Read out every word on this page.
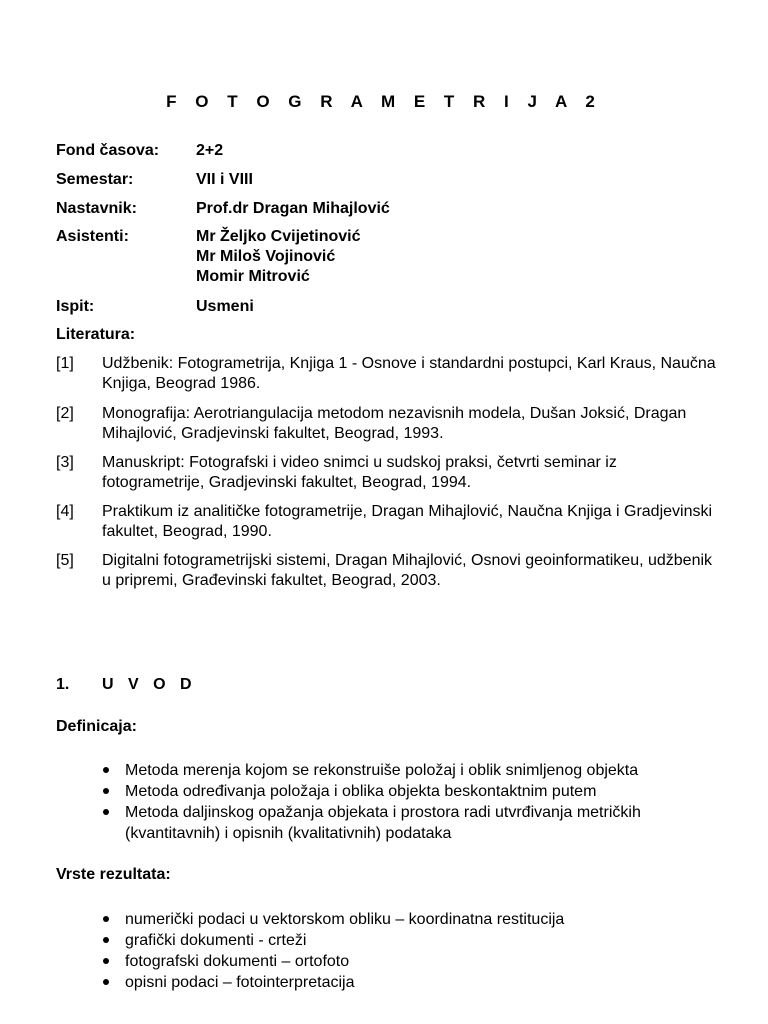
F O T O G R A M E T R I J A 2
Fond časova: 2+2
Semestar:	VII i VIII
Nastavnik:	Prof.dr Dragan Mihajlović
Asistenti:	Mr Željko Cvijetinović
Mr Miloš Vojinović
Momir Mitrović
Ispit:	Usmeni
Literatura:
[1] Udžbenik: Fotogrametrija, Knjiga 1 - Osnove i standardni postupci, Karl Kraus, Naučna Knjiga, Beograd 1986.
[2] Monografija: Aerotriangulacija metodom nezavisnih modela, Dušan Joksić, Dragan Mihajlović, Gradjevinski fakultet, Beograd, 1993.
[3] Manuskript: Fotografski i video snimci u sudskoj praksi, četvrti seminar iz fotogrametrije, Gradjevinski fakultet, Beograd, 1994.
[4] Praktikum iz analitičke fotogrametrije, Dragan Mihajlović, Naučna Knjiga i Gradjevinski fakultet, Beograd, 1990.
[5] Digitalni fotogrametrijski sistemi, Dragan Mihajlović, Osnovi geoinformatikeu, udžbenik u pripremi, Građevinski fakultet, Beograd, 2003.
1. U V O D
Definicaja:
Metoda merenja kojom se rekonstruiše položaj i oblik snimljenog objekta
Metoda određivanja položaja i oblika objekta beskontaktnim putem
Metoda daljinskog opažanja objekata i prostora radi utvrđivanja metričkih (kvantitavnih) i opisnih (kvalitativnih) podataka
Vrste rezultata:
numerički podaci u vektorskom obliku – koordinatna restitucija
grafički dokumenti - crteži
fotografski dokumenti – ortofoto
opisni podaci – fotointerpretacija
